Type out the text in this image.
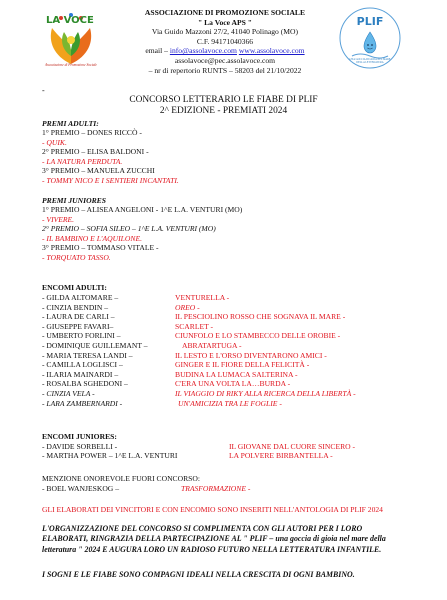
LA VOCE
Associazione di Promozione Sociale
ASSOCIAZIONE DI PROMOZIONE SOCIALE
" La Voce APS "
Via Guido Mazzoni 27/2, 41040 Polinago (MO)
C.F. 94171040366
email – info@assolavoce.com www.assolavoce.com
assolavoce@pec.assolavoce.com
– nr di repertorio RUNTS – 58203 del 21/10/2022
PLIF
UNA GOCCIA DI GIOIA NEL MARE DELLA LETTERATURA
-
CONCORSO LETTERARIO LE FIABE DI PLIF
2^ EDIZIONE - PREMIATI 2024
PREMI ADULTI:
1° PREMIO – DONES RICCÒ -
- QUIK.
2° PREMIO – ELISA BALDONI -
- LA NATURA PERDUTA.
3° PREMIO – MANUELA ZUCCHI
- TOMMY NICO E I SENTIERI INCANTATI.
PREMI JUNIORES
1° PREMIO – ALISEA ANGELONI - 1^E L.A. VENTURI (MO)
- VIVERE.
2° PREMIO – SOFIA SILEO – 1^E L.A. VENTURI (MO)
- IL BAMBINO E L'AQUILONE.
3° PREMIO – TOMMASO VITALE -
- TORQUATO TASSO.
ENCOMI ADULTI:
- GILDA ALTOMARE –	VENTURELLA -
- CINZIA BENDIN –	OREO -
- LAURA DE CARLI –	IL PESCIOLINO ROSSO CHE SOGNAVA IL MARE -
- GIUSEPPE FAVARI–	SCARLET -
- UMBERTO FORLINI –	CIUNFOLO E LO STAMBECCO DELLE OROBIE -
- DOMINIQUE GUILLEMANT –	ABRATARTUGA -
- MARIA TERESA LANDI –	IL LESTO E L'ORSO DIVENTARONO AMICI -
- CAMILLA LOGLISCI –	GINGER E IL FIORE DELLA FELICITÀ -
- ILARIA MAINARDI –	BUDINA LA LUMACA SALTERINA -
- ROSALBA SGHEDONI –	C'ERA UNA VOLTA LA…BURDA -
- CINZIA VELA -	IL VIAGGIO DI RIKY ALLA RICERCA DELLA LIBERTÀ -
- LARA ZAMBERNARDI -	UN'AMICIZIA TRA LE FOGLIE -
ENCOMI JUNIORES:
- DAVIDE SORBELLI -	IL GIOVANE DAL CUORE SINCERO -
- MARTHA POWER – 1^E L.A. VENTURI	LA POLVERE BIRBANTELLA -
MENZIONE ONOREVOLE FUORI CONCORSO:
- BOEL WANJESKOG –	TRASFORMAZIONE -
GLI ELABORATI DEI VINCITORI E CON ENCOMIO SONO INSERITI NELL'ANTOLOGIA DI PLIF 2024
L'ORGANIZZAZIONE DEL CONCORSO SI COMPLIMENTA CON GLI AUTORI PER I LORO ELABORATI, RINGRAZIA DELLA PARTECIPAZIONE AL " PLIF – una goccia di gioia nel mare della letteratura " 2024 E AUGURA LORO UN RADIOSO FUTURO NELLA LETTERATURA INFANTILE.
I SOGNI E LE FIABE SONO COMPAGNI IDEALI NELLA CRESCITA DI OGNI BAMBINO.
